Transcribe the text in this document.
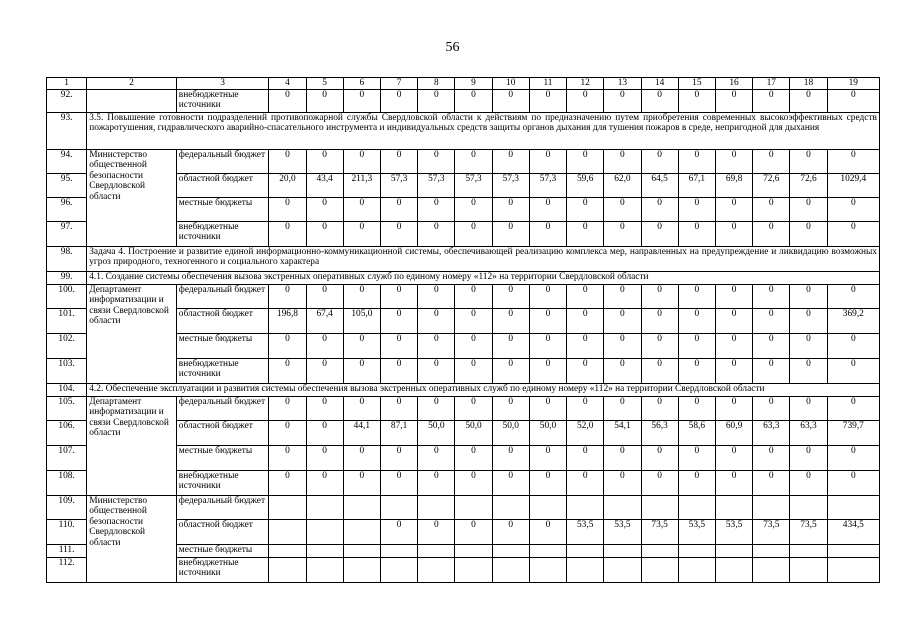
56
1	2	3	4	5	6	7	8	9	10	11	12	13	14	15	16	17	18	19
92.		внебюджетные источники	0	0	0	0	0	0	0	0	0	0	0	0	0	0	0	0
93.	3.5. Повышение готовности подразделений противопожарной службы Свердловской области к действиям по предназначению путем приобретения современных высокоэффективных средств пожаротушения, гидравлического аварийно-спасательного инструмента и индивидуальных средств защиты органов дыхания для тушения пожаров в среде, непригодной для дыхания																	
94.	Министерство общественной безопасности Свердловской области	федеральный бюджет	0	0	0	0	0	0	0	0	0	0	0	0	0	0	0	0
95.		областной бюджет	20,0	43,4	211,3	57,3	57,3	57,3	57,3	57,3	59,6	62,0	64,5	67,1	69,8	72,6	72,6	1029,4
96.		местные бюджеты	0	0	0	0	0	0	0	0	0	0	0	0	0	0	0	0
97.		внебюджетные источники	0	0	0	0	0	0	0	0	0	0	0	0	0	0	0	0
98.	Задача 4. Построение и развитие единой информационно-коммуникационной системы, обеспечивающей реализацию комплекса мер, направленных на предупреждение и ликвидацию возможных угроз природного, техногенного и социального характера																	
99.	4.1. Создание системы обеспечения вызова экстренных оперативных служб по единому номеру «112» на территории Свердловской области																	
100.	Департамент информатизации и связи Свердловской области	федеральный бюджет	0	0	0	0	0	0	0	0	0	0	0	0	0	0	0	0
101.		областной бюджет	196,8	67,4	105,0	0	0	0	0	0	0	0	0	0	0	0	0	369,2
102.		местные бюджеты	0	0	0	0	0	0	0	0	0	0	0	0	0	0	0	0
103.		внебюджетные источники	0	0	0	0	0	0	0	0	0	0	0	0	0	0	0	0
104.	4.2. Обеспечение эксплуатации и развития системы обеспечения вызова экстренных оперативных служб по единому номеру «112» на территории Свердловской области																	
105.	Департамент информатизации и связи Свердловской области	федеральный бюджет	0	0	0	0	0	0	0	0	0	0	0	0	0	0	0	0
106.		областной бюджет	0	0	44,1	87,1	50,0	50,0	50,0	50,0	52,0	54,1	56,3	58,6	60,9	63,3	63,3	739,7
107.		местные бюджеты	0	0	0	0	0	0	0	0	0	0	0	0	0	0	0	0
108.		внебюджетные источники	0	0	0	0	0	0	0	0	0	0	0	0	0	0	0	0
109.	Министерство общественной безопасности Свердловской области	федеральный бюджет																
110.		областной бюджет				0	0	0	0	0	53,5	53,5	73,5	53,5	53,5	73,5	73,5	434,5
111.		местные бюджеты																
112.		внебюджетные источники																
